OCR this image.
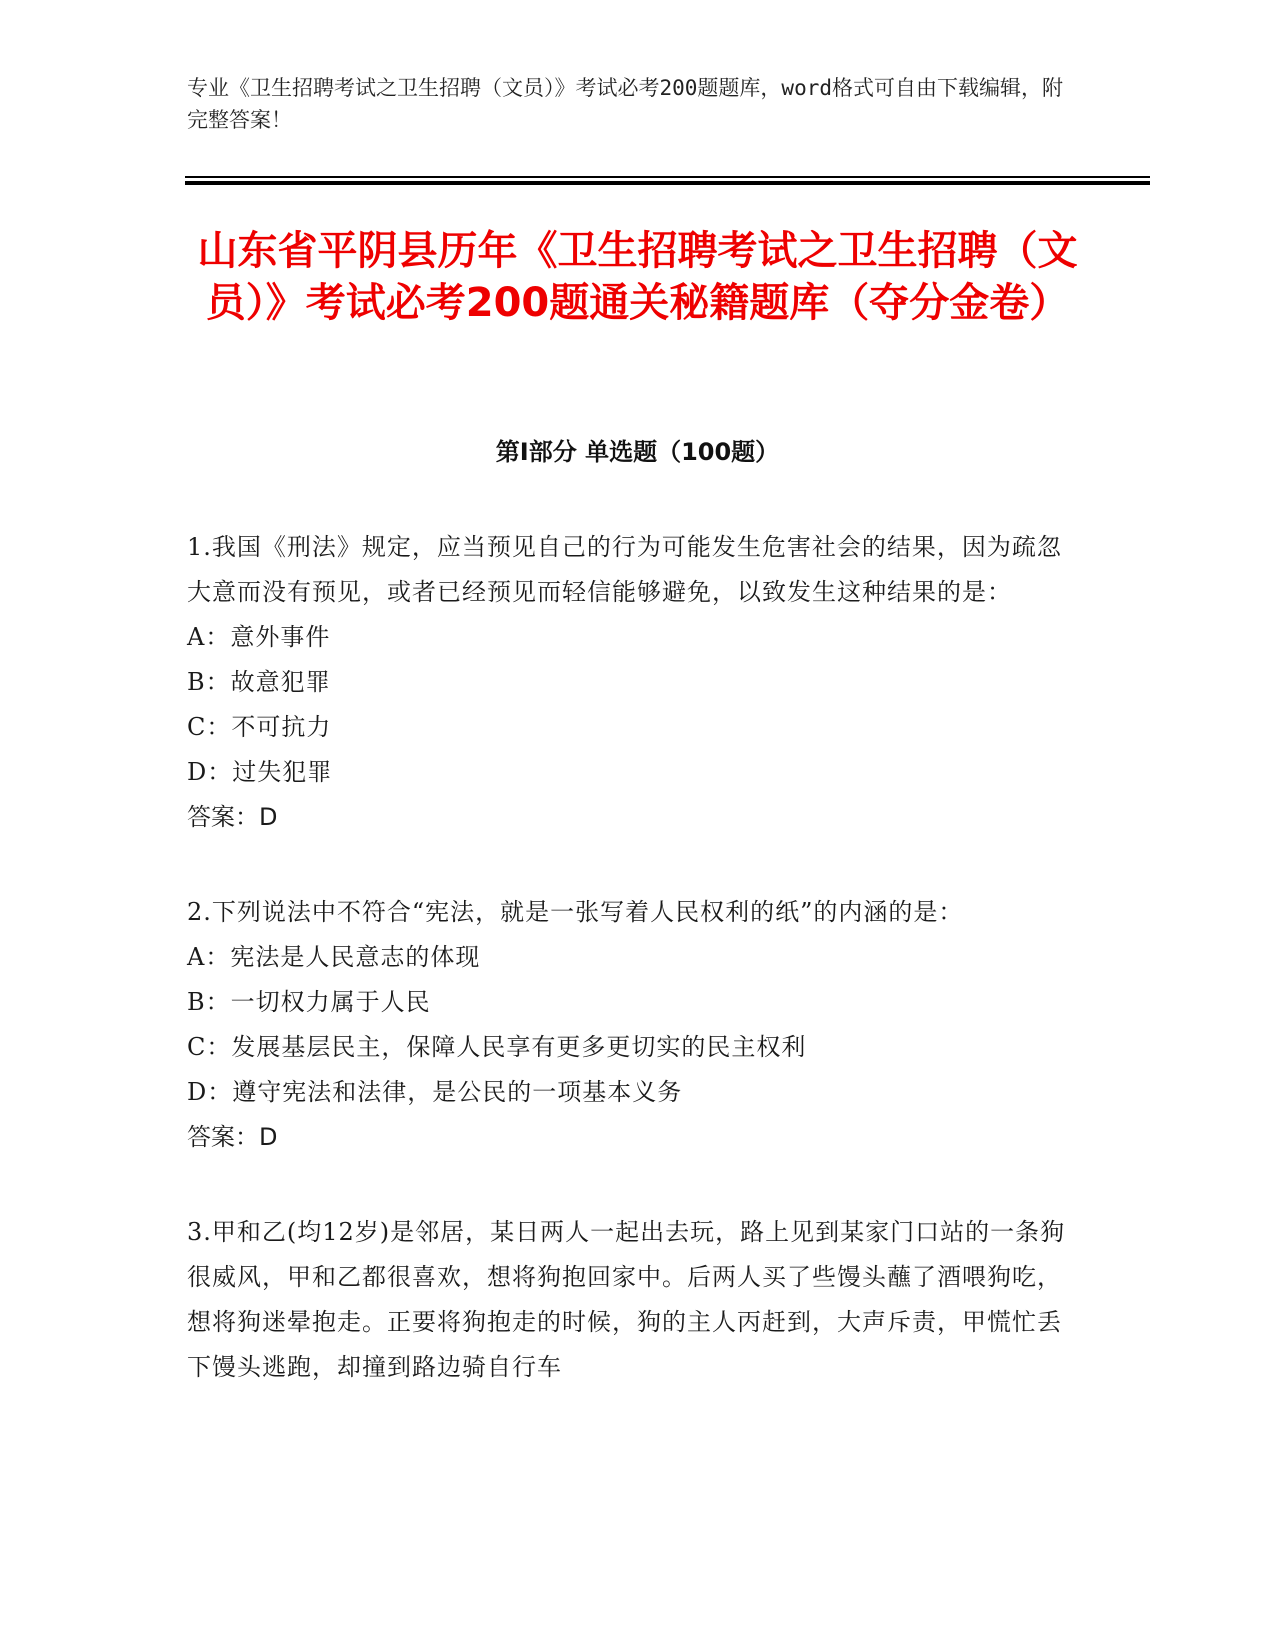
专业《卫生招聘考试之卫生招聘（文员）》考试必考200题题库，word格式可自由下载编辑，附完整答案！
山东省平阴县历年《卫生招聘考试之卫生招聘（文员）》考试必考200题通关秘籍题库（夺分金卷）
第Ⅰ部分 单选题（100题）
1.我国《刑法》规定，应当预见自己的行为可能发生危害社会的结果，因为疏忽大意而没有预见，或者已经预见而轻信能够避免，以致发生这种结果的是：
A：意外事件
B：故意犯罪
C：不可抗力
D：过失犯罪
答案：D
2.下列说法中不符合“宪法，就是一张写着人民权利的纸”的内涵的是：
A：宪法是人民意志的体现
B：一切权力属于人民
C：发展基层民主，保障人民享有更多更切实的民主权利
D：遵守宪法和法律，是公民的一项基本义务
答案：D
3.甲和乙(均12岁)是邻居，某日两人一起出去玩，路上见到某家门口站的一条狗很威风，甲和乙都很喜欢，想将狗抱回家中。后两人买了些馒头蘸了酒喂狗吃，想将狗迷晕抱走。正要将狗抱走的时候，狗的主人丙赶到，大声斥责，甲慌忙丢下馒头逃跑，却撞到路边骑自行车
